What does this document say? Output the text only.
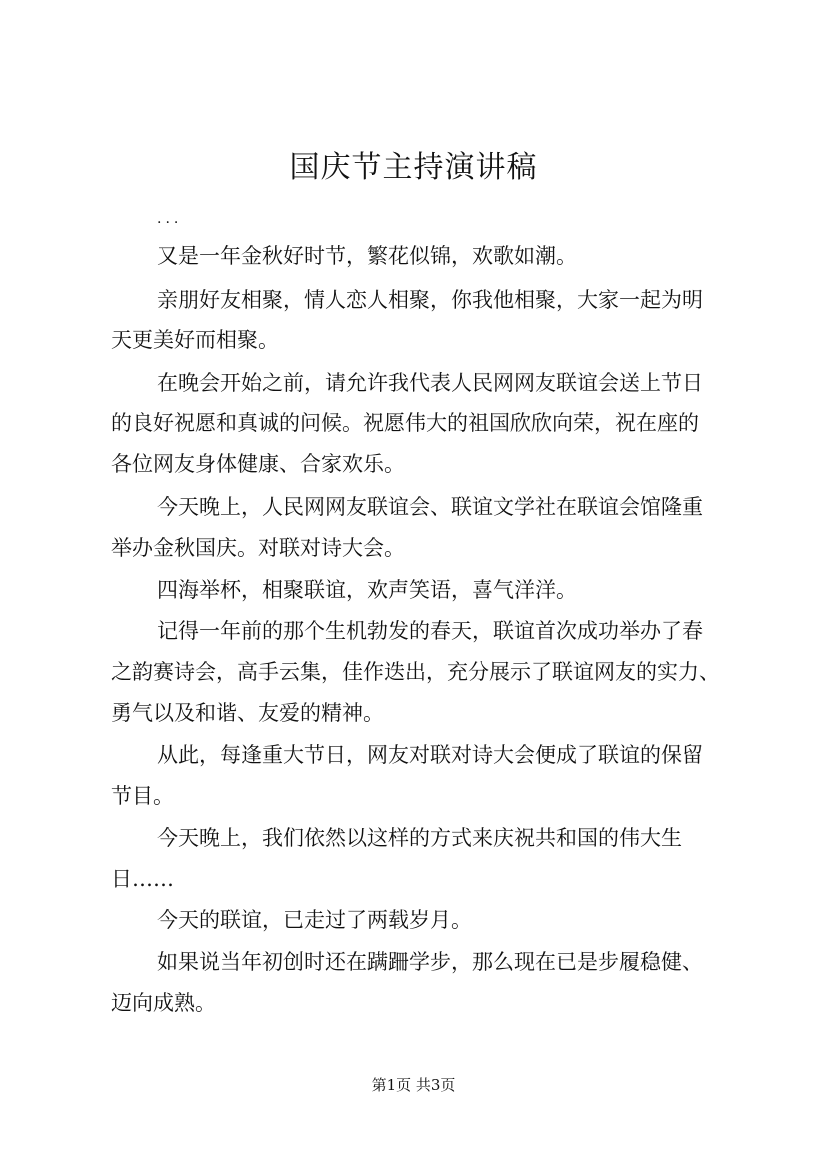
国庆节主持演讲稿
...
又是一年金秋好时节，繁花似锦，欢歌如潮。
亲朋好友相聚，情人恋人相聚，你我他相聚，大家一起为明
天更美好而相聚。
在晚会开始之前，请允许我代表人民网网友联谊会送上节日
的良好祝愿和真诚的问候。祝愿伟大的祖国欣欣向荣，祝在座的
各位网友身体健康、合家欢乐。
今天晚上，人民网网友联谊会、联谊文学社在联谊会馆隆重
举办金秋国庆。对联对诗大会。
四海举杯，相聚联谊，欢声笑语，喜气洋洋。
记得一年前的那个生机勃发的春天，联谊首次成功举办了春
之韵赛诗会，高手云集，佳作迭出，充分展示了联谊网友的实力、
勇气以及和谐、友爱的精神。
从此，每逢重大节日，网友对联对诗大会便成了联谊的保留
节目。
今天晚上，我们依然以这样的方式来庆祝共和国的伟大生
日……
今天的联谊，已走过了两载岁月。
如果说当年初创时还在蹒跚学步，那么现在已是步履稳健、
迈向成熟。
第1页 共3页
